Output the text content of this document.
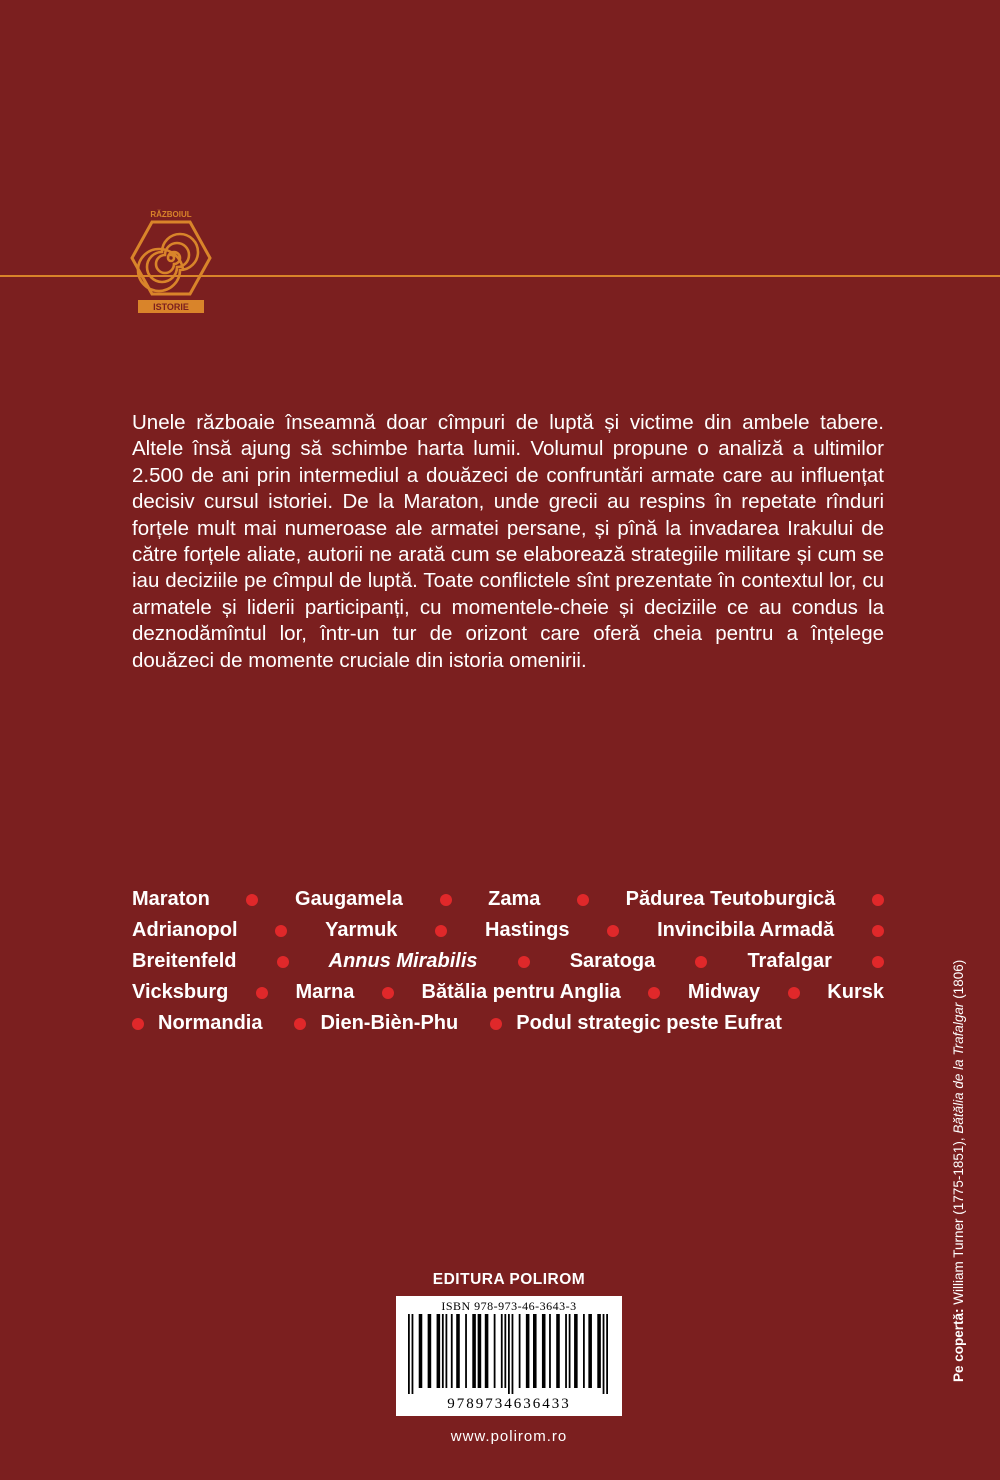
RĂZBOIUL
ISTORIE

Unele războaie înseamnă doar cîmpuri de luptă și victime din ambele tabere. Altele însă ajung să schimbe harta lumii. Volumul propune o analiză a ultimilor 2.500 de ani prin intermediul a douăzeci de confruntări armate care au influențat decisiv cursul istoriei. De la Maraton, unde grecii au respins în repetate rînduri forțele mult mai numeroase ale armatei persane, și pînă la invadarea Irakului de către forțele aliate, autorii ne arată cum se elaborează strategiile militare și cum se iau deciziile pe cîmpul de luptă. Toate conflictele sînt prezentate în contextul lor, cu armatele și liderii participanți, cu momentele-cheie și deciziile ce au condus la deznodămîntul lor, într-un tur de orizont care oferă cheia pentru a înțelege douăzeci de momente cruciale din istoria omenirii.

Maraton	Gaugamela	Zama	Pădurea Teutoburgică
Adrianopol	Yarmuk	Hastings	Invincibila Armadă
Breitenfeld	Annus Mirabilis	Saratoga	Trafalgar
Vicksburg	Marna	Bătălia pentru Anglia	Midway	Kursk
Normandia	Dien-Bièn-Phu	Podul strategic peste Eufrat
EDITURA POLIROM
ISBN 978-973-46-3643-3
9789734636433
www.polirom.ro
Pe copertă: William Turner (1775-1851), Bătălia de la Trafalgar (1806)
